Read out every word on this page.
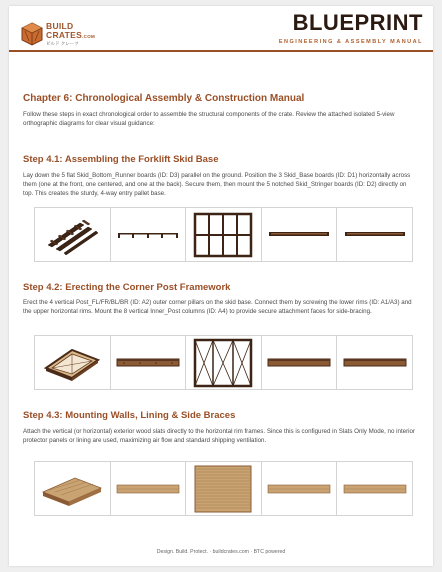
BUILD
CRATES.COM
ビルド クレーツ
BLUEPRINT
ENGINEERING & ASSEMBLY MANUAL
Chapter 6: Chronological Assembly & Construction Manual
Follow these steps in exact chronological order to assemble the structural components of the crate. Review the attached isolated 5-view orthographic diagrams for clear visual guidance:
Step 4.1: Assembling the Forklift Skid Base
Lay down the 5 flat Skid_Bottom_Runner boards (ID: D3) parallel on the ground. Position the 3 Skid_Base boards (ID: D1) horizontally across them (one at the front, one centered, and one at the back). Secure them, then mount the 5 notched Skid_Stringer boards (ID: D2) directly on top. This creates the sturdy, 4-way entry pallet base.
Step 4.2: Erecting the Corner Post Framework
Erect the 4 vertical Post_FL/FR/BL/BR (ID: A2) outer corner pillars on the skid base. Connect them by screwing the lower rims (ID: A1/A3) and the upper horizontal rims. Mount the 8 vertical Inner_Post columns (ID: A4) to provide secure attachment faces for side-bracing.
Step 4.3: Mounting Walls, Lining & Side Braces
Attach the vertical (or horizontal) exterior wood slats directly to the horizontal rim frames. Since this is configured in Slats Only Mode, no interior protector panels or lining are used, maximizing air flow and standard shipping ventilation.
Design. Build. Protect. · buildcrates.com · BTC powered
